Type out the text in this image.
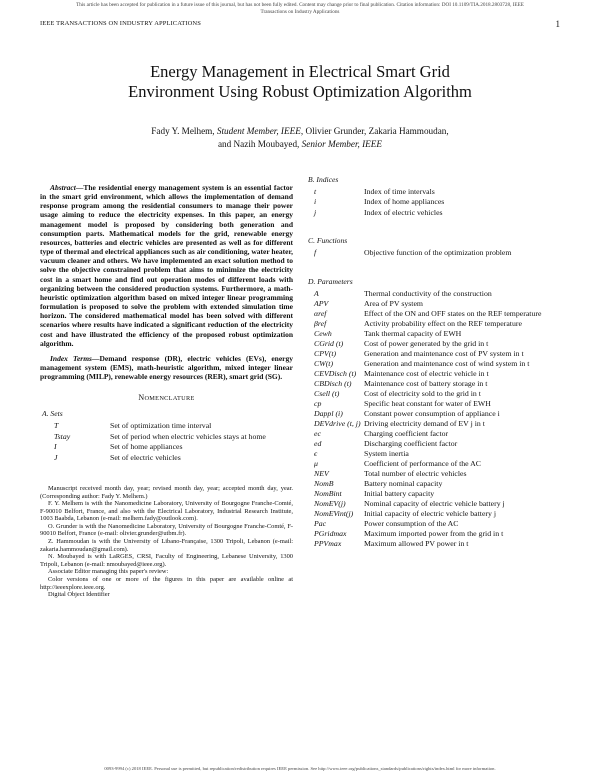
This article has been accepted for publication in a future issue of this journal, but has not been fully edited. Content may change prior to final publication. Citation information: DOI 10.1109/TIA.2018.2803728, IEEE
Transactions on Industry Applications
IEEE TRANSACTIONS ON INDUSTRY APPLICATIONS	1
Energy Management in Electrical Smart Grid
Environment Using Robust Optimization Algorithm
Fady Y. Melhem, Student Member, IEEE, Olivier Grunder, Zakaria Hammoudan,
and Nazih Moubayed, Senior Member, IEEE

Abstract—The residential energy management system is an essential factor in the smart grid environment, which allows the implementation of demand response program among the residential consumers to manage their power usage aiming to reduce the electricity expenses. In this paper, an energy management model is proposed by considering both generation and consumption parts. Mathematical models for the grid, renewable energy resources, batteries and electric vehicles are presented as well as for different type of thermal and electrical appliances such as air conditioning, water heater, vacuum cleaner and others. We have implemented an exact solution method to solve the objective constrained problem that aims to minimize the electricity cost in a smart home and find out operation modes of different loads with organizing between the considered production systems. Furthermore, a math-heuristic optimization algorithm based on mixed integer linear programming formulation is proposed to solve the problem with extended simulation time horizon. The considered mathematical model has been solved with different scenarios where results have indicated a significant reduction of the electricity cost and have illustrated the efficiency of the proposed robust optimization algorithm.

Index Terms—Demand response (DR), electric vehicles (EVs), energy management system (EMS), math-heuristic algorithm, mixed integer linear programming (MILP), renewable energy resources (RER), smart grid (SG).

NOMENCLATURE
A. Sets
T	Set of optimization time interval
Tstay	Set of period when electric vehicles stays at home
I	Set of home appliances
J	Set of electric vehicles

Manuscript received month day, year; revised month day, year; accepted month day, year. (Corresponding author: Fady Y. Melhem.)

F. Y. Melhem is with the Nanomedicine Laboratory, University of Bourgogne Franche-Comté, F-90010 Belfort, France, and also with the Electrical Laboratory, Industrial Research Institute, 1003 Baabda, Lebanon (e-mail: melhem.fady@outlook.com).

O. Grunder is with the Nanomedicine Laboratory, University of Bourgogne Franche-Comté, F-90010 Belfort, France (e-mail: olivier.grunder@utbm.fr).

Z. Hammoudan is with the University of Libano-Française, 1300 Tripoli, Lebanon (e-mail: zakaria.hammoudan@gmail.com).

N. Moubayed is with LaRGES, CRSI, Faculty of Engineering, Lebanese University, 1300 Tripoli, Lebanon (e-mail: nmoubayed@ieee.org).

Associate Editor managing this paper's review:

Color versions of one or more of the figures in this paper are available online at http://ieeexplore.ieee.org.

Digital Object Identifier

B. Indices
t	Index of time intervals
i	Index of home appliances
j	Index of electric vehicles
C. Functions
f	Objective function of the optimization problem
D. Parameters
A	Thermal conductivity of the construction
APV	Area of PV system
αref	Effect of the ON and OFF states on the REF temperature
βref	Activity probability effect on the REF temperature
Cewh	Tank thermal capacity of EWH
CGrid (t)	Cost of power generated by the grid in t
CPV(t)	Generation and maintenance cost of PV system in t
CW(t)	Generation and maintenance cost of wind system in t
CEVDisch (t)	Maintenance cost of electric vehicle in t
CBDisch (t)	Maintenance cost of battery storage in t
Csell (t)	Cost of electricity sold to the grid in t
cp	Specific heat constant for water of EWH
Dappl (i)	Constant power consumption of appliance i
DEVdrive (t, j)	Driving electricity demand of EV j in t
ec	Charging coefficient factor
ed	Discharging coefficient factor
ϵ	System inertia
μ	Coefficient of performance of the AC
NEV	Total number of electric vehicles
NomB	Battery nominal capacity
NomBint	Initial battery capacity
NomEV(j)	Nominal capacity of electric vehicle battery j
NomEVint(j)	Initial capacity of electric vehicle battery j
Pac	Power consumption of the AC
PGridmax	Maximum imported power from the grid in t
PPVmax	Maximum allowed PV power in t
0093-9994 (c) 2018 IEEE. Personal use is permitted, but republication/redistribution requires IEEE permission. See http://www.ieee.org/publications_standards/publications/rights/index.html for more information.
